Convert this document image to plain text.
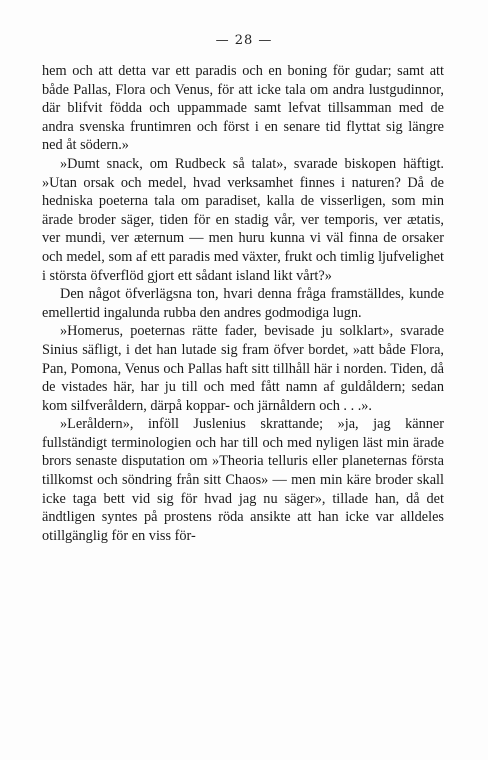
— 28 —

hem och att detta var ett paradis och en boning för gudar; samt att både Pallas, Flora och Venus, för att icke tala om andra lustgudinnor, där blifvit födda och uppammade samt lefvat tillsamman med de andra svenska fruntimren och först i en senare tid flyttat sig längre ned åt södern.»

»Dumt snack, om Rudbeck så talat», svarade biskopen häftigt. »Utan orsak och medel, hvad verksamhet finnes i naturen? Då de hedniska poeterna tala om paradiset, kalla de visserligen, som min ärade broder säger, tiden för en stadig vår, ver temporis, ver ætatis, ver mundi, ver æternum — men huru kunna vi väl finna de orsaker och medel, som af ett paradis med växter, frukt och timlig ljufvelighet i största öfverflöd gjort ett sådant island likt vårt?»

Den något öfverlägsna ton, hvari denna fråga framställdes, kunde emellertid ingalunda rubba den andres godmodiga lugn.

»Homerus, poeternas rätte fader, bevisade ju solklart», svarade Sinius säfligt, i det han lutade sig fram öfver bordet, »att både Flora, Pan, Pomona, Venus och Pallas haft sitt tillhåll här i norden. Tiden, då de vistades här, har ju till och med fått namn af guldåldern; sedan kom silfveråldern, därpå koppar- och järnåldern och . . .».

»Leråldern», inföll Juslenius skrattande; »ja, jag känner fullständigt terminologien och har till och med nyligen läst min ärade brors senaste disputation om »Theoria telluris eller planeternas första tillkomst och söndring från sitt Chaos» — men min käre broder skall icke taga bett vid sig för hvad jag nu säger», tillade han, då det ändtligen syntes på prostens röda ansikte att han icke var alldeles otillgänglig för en viss för-
